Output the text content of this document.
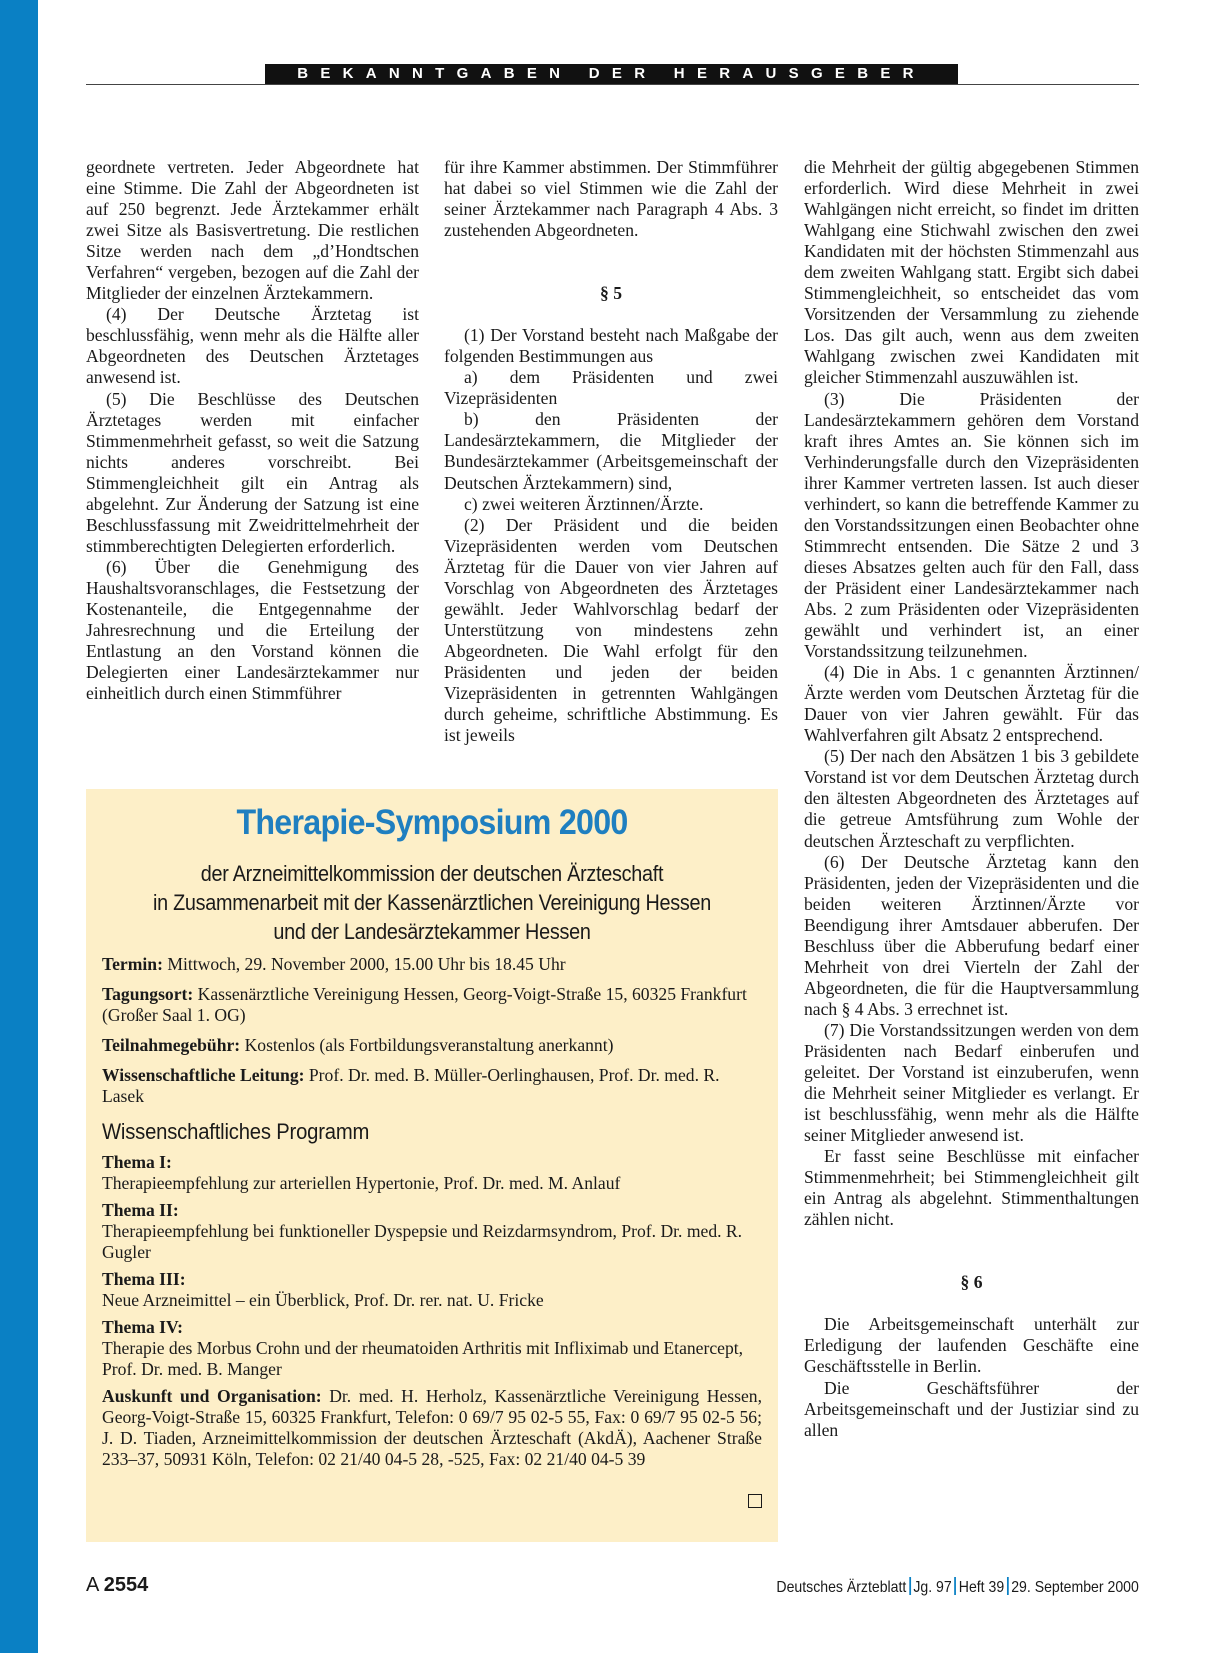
BEKANNTGABEN DER HERAUSGEBER

geordnete vertreten. Jeder Abgeordnete hat eine Stimme. Die Zahl der Abgeordneten ist auf 250 begrenzt. Jede Ärztekammer erhält zwei Sitze als Basisvertretung. Die restlichen Sitze werden nach dem „d’Hondtschen Verfahren“ vergeben, bezogen auf die Zahl der Mitglieder der einzelnen Ärztekammern.

(4) Der Deutsche Ärztetag ist beschlussfähig, wenn mehr als die Hälfte aller Abgeordneten des Deutschen Ärztetages anwesend ist.

(5) Die Beschlüsse des Deutschen Ärztetages werden mit einfacher Stimmenmehrheit gefasst, so weit die Satzung nichts anderes vorschreibt. Bei Stimmengleichheit gilt ein Antrag als abgelehnt. Zur Änderung der Satzung ist eine Beschlussfassung mit Zweidrittelmehrheit der stimmberechtigten Delegierten erforderlich.

(6) Über die Genehmigung des Haushaltsvoranschlages, die Festsetzung der Kostenanteile, die Entgegennahme der Jahresrechnung und die Erteilung der Entlastung an den Vorstand können die Delegierten einer Landesärztekammer nur einheitlich durch einen Stimmführer

für ihre Kammer abstimmen. Der Stimmführer hat dabei so viel Stimmen wie die Zahl der seiner Ärztekammer nach Paragraph 4 Abs. 3 zustehenden Abgeordneten.

§ 5

(1) Der Vorstand besteht nach Maßgabe der folgenden Bestimmungen aus

a) dem Präsidenten und zwei Vizepräsidenten

b) den Präsidenten der Landesärztekammern, die Mitglieder der Bundesärztekammer (Arbeitsgemeinschaft der Deutschen Ärztekammern) sind,

c) zwei weiteren Ärztinnen/Ärzte.

(2) Der Präsident und die beiden Vizepräsidenten werden vom Deutschen Ärztetag für die Dauer von vier Jahren auf Vorschlag von Abgeordneten des Ärztetages gewählt. Jeder Wahlvorschlag bedarf der Unterstützung von mindestens zehn Abgeordneten. Die Wahl erfolgt für den Präsidenten und jeden der beiden Vizepräsidenten in getrennten Wahlgängen durch geheime, schriftliche Abstimmung. Es ist jeweils

die Mehrheit der gültig abgegebenen Stimmen erforderlich. Wird diese Mehrheit in zwei Wahlgängen nicht erreicht, so findet im dritten Wahlgang eine Stichwahl zwischen den zwei Kandidaten mit der höchsten Stimmenzahl aus dem zweiten Wahlgang statt. Ergibt sich dabei Stimmengleichheit, so entscheidet das vom Vorsitzenden der Versammlung zu ziehende Los. Das gilt auch, wenn aus dem zweiten Wahlgang zwischen zwei Kandidaten mit gleicher Stimmenzahl auszuwählen ist.

(3) Die Präsidenten der Landesärztekammern gehören dem Vorstand kraft ihres Amtes an. Sie können sich im Verhinderungsfalle durch den Vizepräsidenten ihrer Kammer vertreten lassen. Ist auch dieser verhindert, so kann die betreffende Kammer zu den Vorstandssitzungen einen Beobachter ohne Stimmrecht entsenden. Die Sätze 2 und 3 dieses Absatzes gelten auch für den Fall, dass der Präsident einer Landesärztekammer nach Abs. 2 zum Präsidenten oder Vizepräsidenten gewählt und verhindert ist, an einer Vorstandssitzung teilzunehmen.

(4) Die in Abs. 1 c genannten Ärztinnen/Ärzte werden vom Deutschen Ärztetag für die Dauer von vier Jahren gewählt. Für das Wahlverfahren gilt Absatz 2 entsprechend.

(5) Der nach den Absätzen 1 bis 3 gebildete Vorstand ist vor dem Deutschen Ärztetag durch den ältesten Abgeordneten des Ärztetages auf die getreue Amtsführung zum Wohle der deutschen Ärzteschaft zu verpflichten.

(6) Der Deutsche Ärztetag kann den Präsidenten, jeden der Vizepräsidenten und die beiden weiteren Ärztinnen/Ärzte vor Beendigung ihrer Amtsdauer abberufen. Der Beschluss über die Abberufung bedarf einer Mehrheit von drei Vierteln der Zahl der Abgeordneten, die für die Hauptversammlung nach § 4 Abs. 3 errechnet ist.

(7) Die Vorstandssitzungen werden von dem Präsidenten nach Bedarf einberufen und geleitet. Der Vorstand ist einzuberufen, wenn die Mehrheit seiner Mitglieder es verlangt. Er ist beschlussfähig, wenn mehr als die Hälfte seiner Mitglieder anwesend ist.

Er fasst seine Beschlüsse mit einfacher Stimmenmehrheit; bei Stimmengleichheit gilt ein Antrag als abgelehnt. Stimmenthaltungen zählen nicht.

§ 6

Die Arbeitsgemeinschaft unterhält zur Erledigung der laufenden Geschäfte eine Geschäftsstelle in Berlin.

Die Geschäftsführer der Arbeitsgemeinschaft und der Justiziar sind zu allen

Therapie-Symposium 2000
der Arzneimittelkommission der deutschen Ärzteschaft
in Zusammenarbeit mit der Kassenärztlichen Vereinigung Hessen
und der Landesärztekammer Hessen

Termin: Mittwoch, 29. November 2000, 15.00 Uhr bis 18.45 Uhr

Tagungsort: Kassenärztliche Vereinigung Hessen, Georg-Voigt-Straße 15, 60325 Frankfurt (Großer Saal 1. OG)

Teilnahmegebühr: Kostenlos (als Fortbildungsveranstaltung anerkannt)

Wissenschaftliche Leitung: Prof. Dr. med. B. Müller-Oerlinghausen, Prof. Dr. med. R. Lasek

Wissenschaftliches Programm

Thema I:
Therapieempfehlung zur arteriellen Hypertonie, Prof. Dr. med. M. Anlauf

Thema II:
Therapieempfehlung bei funktioneller Dyspepsie und Reizdarmsyndrom, Prof. Dr. med. R. Gugler

Thema III:
Neue Arzneimittel – ein Überblick, Prof. Dr. rer. nat. U. Fricke

Thema IV:
Therapie des Morbus Crohn und der rheumatoiden Arthritis mit Infliximab und Etanercept, Prof. Dr. med. B. Manger

Auskunft und Organisation: Dr. med. H. Herholz, Kassenärztliche Vereinigung Hessen, Georg-Voigt-Straße 15, 60325 Frankfurt, Telefon: 0 69/7 95 02-5 55, Fax: 0 69/7 95 02-5 56; J. D. Tiaden, Arzneimittelkommission der deutschen Ärzteschaft (AkdÄ), Aachener Straße 233–37, 50931 Köln, Telefon: 02 21/40 04-5 28, -525, Fax: 02 21/40 04-5 39

A 2554	Deutsches Ärzteblatt Jg. 97 Heft 39 29. September 2000
